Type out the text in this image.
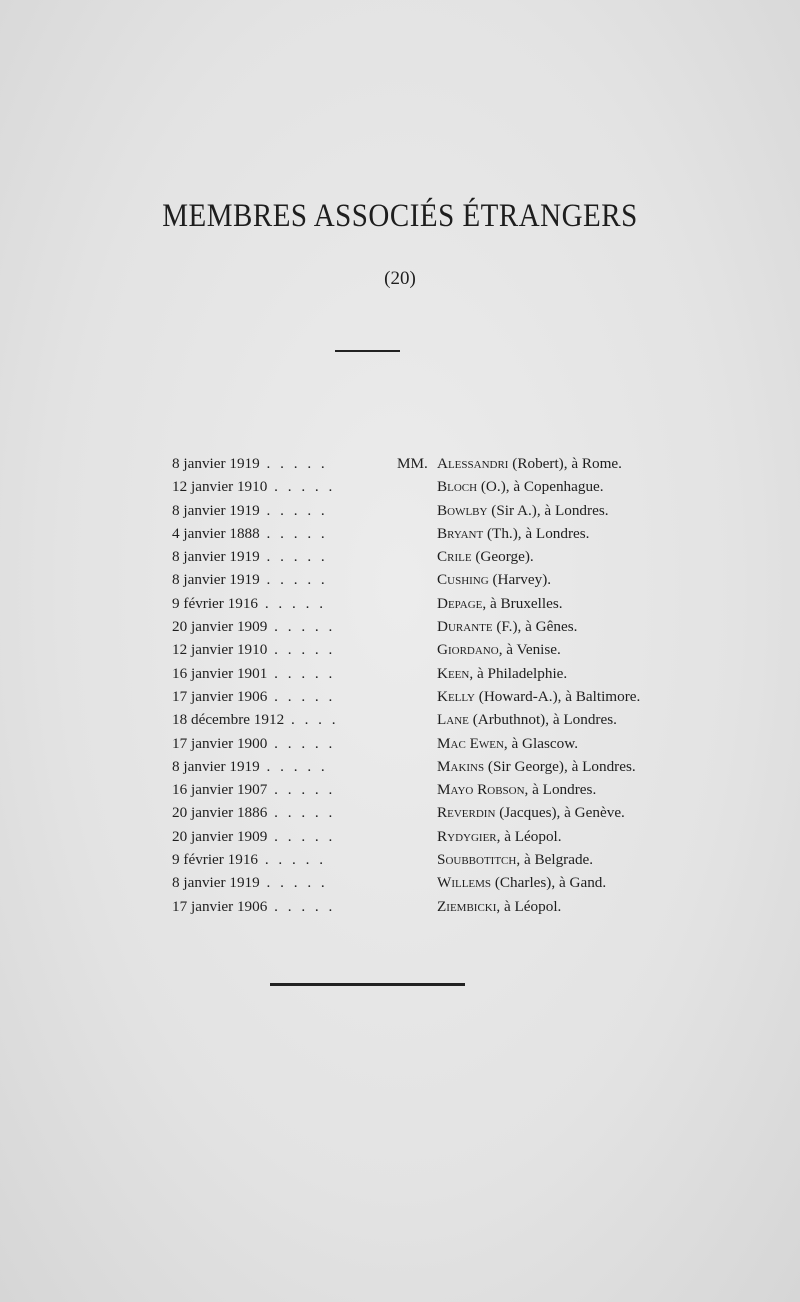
MEMBRES ASSOCIÉS ÉTRANGERS
(20)
8 janvier 1919 . . . . .	MM. Alessandri (Robert), à Rome.
12 janvier 1910 . . . . .	Bloch (O.), à Copenhague.
8 janvier 1919 . . . . .	Bowlby (Sir A.), à Londres.
4 janvier 1888 . . . . .	Bryant (Th.), à Londres.
8 janvier 1919 . . . . .	Crile (George).
8 janvier 1919 . . . . .	Cushing (Harvey).
9 février 1916 . . . . .	Depage, à Bruxelles.
20 janvier 1909 . . . . .	Durante (F.), à Gênes.
12 janvier 1910 . . . . .	Giordano, à Venise.
16 janvier 1901 . . . . .	Keen, à Philadelphie.
17 janvier 1906 . . . . .	Kelly (Howard-A.), à Baltimore.
18 décembre 1912 . . . .	Lane (Arbuthnot), à Londres.
17 janvier 1900 . . . . .	Mac Ewen, à Glascow.
8 janvier 1919 . . . . .	Makins (Sir George), à Londres.
16 janvier 1907 . . . . .	Mayo Robson, à Londres.
20 janvier 1886 . . . . .	Reverdin (Jacques), à Genève.
20 janvier 1909 . . . . .	Rydygier, à Léopol.
9 février 1916 . . . . .	Soubbotitch, à Belgrade.
8 janvier 1919 . . . . .	Willems (Charles), à Gand.
17 janvier 1906 . . . . .	Ziembicki, à Léopol.
